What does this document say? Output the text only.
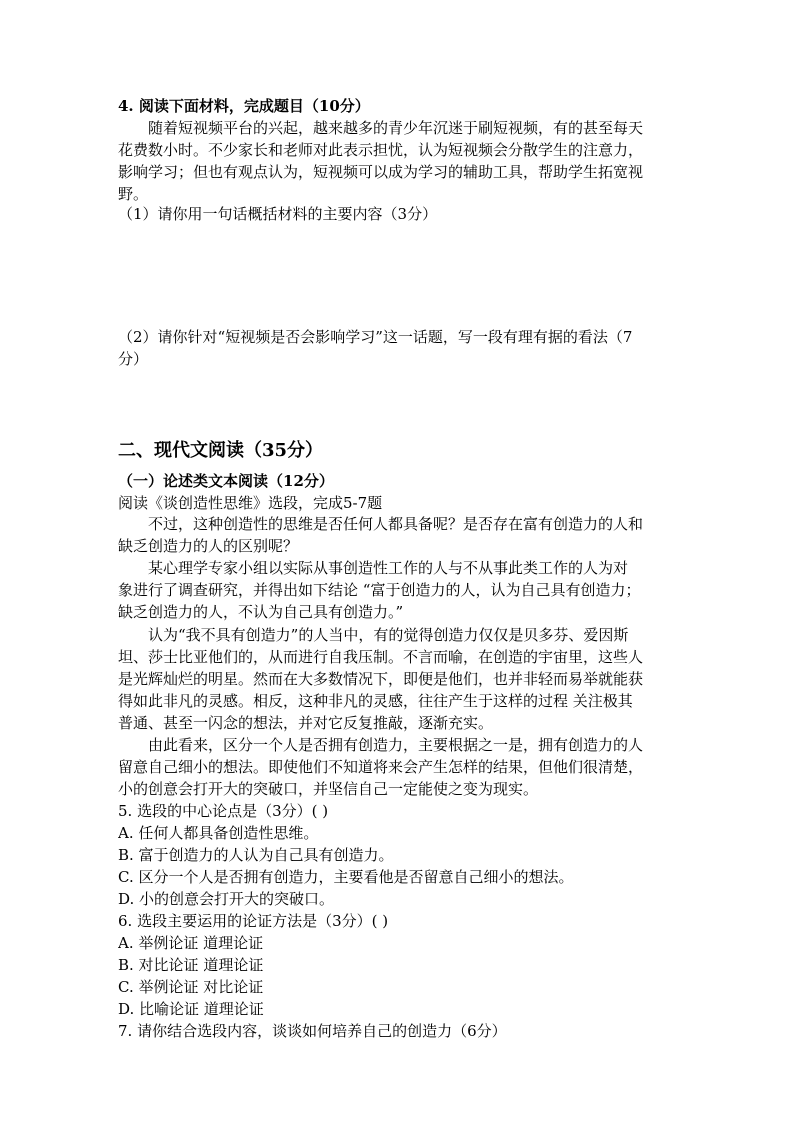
4. 阅读下面材料，完成题目（10分）
随着短视频平台的兴起，越来越多的青少年沉迷于刷短视频，有的甚至每天
花费数小时。不少家长和老师对此表示担忧，认为短视频会分散学生的注意力，
影响学习；但也有观点认为，短视频可以成为学习的辅助工具，帮助学生拓宽视
野。
（1）请你用一句话概括材料的主要内容（3分）
（2）请你针对“短视频是否会影响学习”这一话题，写一段有理有据的看法（7
分）
二、现代文阅读（35分）
（一）论述类文本阅读（12分）
阅读《谈创造性思维》选段，完成5-7题
不过，这种创造性的思维是否任何人都具备呢？是否存在富有创造力的人和
缺乏创造力的人的区别呢？
某心理学专家小组以实际从事创造性工作的人与不从事此类工作的人为对
象进行了调查研究，并得出如下结论 “富于创造力的人，认为自己具有创造力；
缺乏创造力的人，不认为自己具有创造力。”
认为“我不具有创造力”的人当中，有的觉得创造力仅仅是贝多芬、爱因斯
坦、莎士比亚他们的，从而进行自我压制。不言而喻，在创造的宇宙里，这些人
是光辉灿烂的明星。然而在大多数情况下，即便是他们，也并非轻而易举就能获
得如此非凡的灵感。相反，这种非凡的灵感，往往产生于这样的过程 关注极其
普通、甚至一闪念的想法，并对它反复推敲，逐渐充实。
由此看来，区分一个人是否拥有创造力，主要根据之一是，拥有创造力的人
留意自己细小的想法。即使他们不知道将来会产生怎样的结果，但他们很清楚，
小的创意会打开大的突破口，并坚信自己一定能使之变为现实。
5. 选段的中心论点是（3分）( )
A. 任何人都具备创造性思维。
B. 富于创造力的人认为自己具有创造力。
C. 区分一个人是否拥有创造力，主要看他是否留意自己细小的想法。
D. 小的创意会打开大的突破口。
6. 选段主要运用的论证方法是（3分）( )
A. 举例论证 道理论证
B. 对比论证 道理论证
C. 举例论证 对比论证
D. 比喻论证 道理论证
7. 请你结合选段内容，谈谈如何培养自己的创造力（6分）
